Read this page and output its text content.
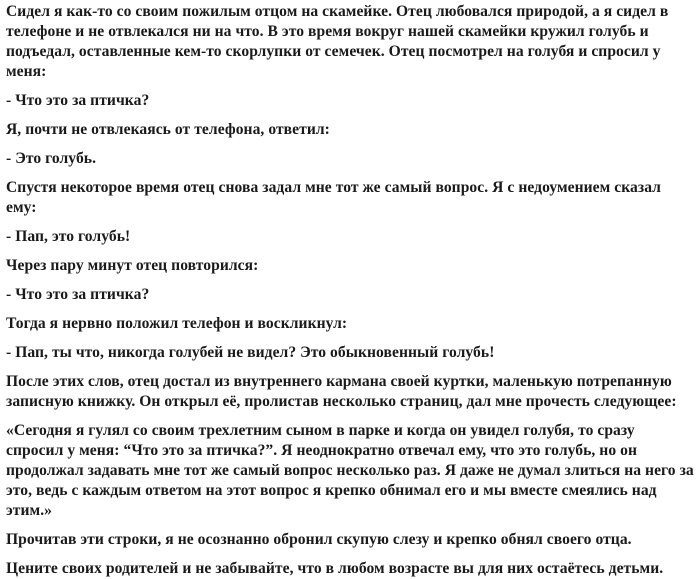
Сидел я как-то со своим пожилым отцом на скамейке. Отец любовался природой, а я сидел в телефоне и не отвлекался ни на что. В это время вокруг нашей скамейки кружил голубь и подъедал, оставленные кем-то скорлупки от семечек. Отец посмотрел на голубя и спросил у меня:

- Что это за птичка?

Я, почти не отвлекаясь от телефона, ответил:

- Это голубь.

Спустя некоторое время отец снова задал мне тот же самый вопрос. Я с недоумением сказал ему:

- Пап, это голубь!

Через пару минут отец повторился:

- Что это за птичка?

Тогда я нервно положил телефон и воскликнул:

- Пап, ты что, никогда голубей не видел? Это обыкновенный голубь!

После этих слов, отец достал из внутреннего кармана своей куртки, маленькую потрепанную записную книжку. Он открыл её, пролистав несколько страниц, дал мне прочесть следующее:

«Сегодня я гулял со своим трехлетним сыном в парке и когда он увидел голубя, то сразу спросил у меня: “Что это за птичка?”. Я неоднократно отвечал ему, что это голубь, но он продолжал задавать мне тот же самый вопрос несколько раз. Я даже не думал злиться на него за это, ведь с каждым ответом на этот вопрос я крепко обнимал его и мы вместе смеялись над этим.»

Прочитав эти строки, я не осознанно обронил скупую слезу и крепко обнял своего отца.

Цените своих родителей и не забывайте, что в любом возрасте вы для них остаётесь детьми.
